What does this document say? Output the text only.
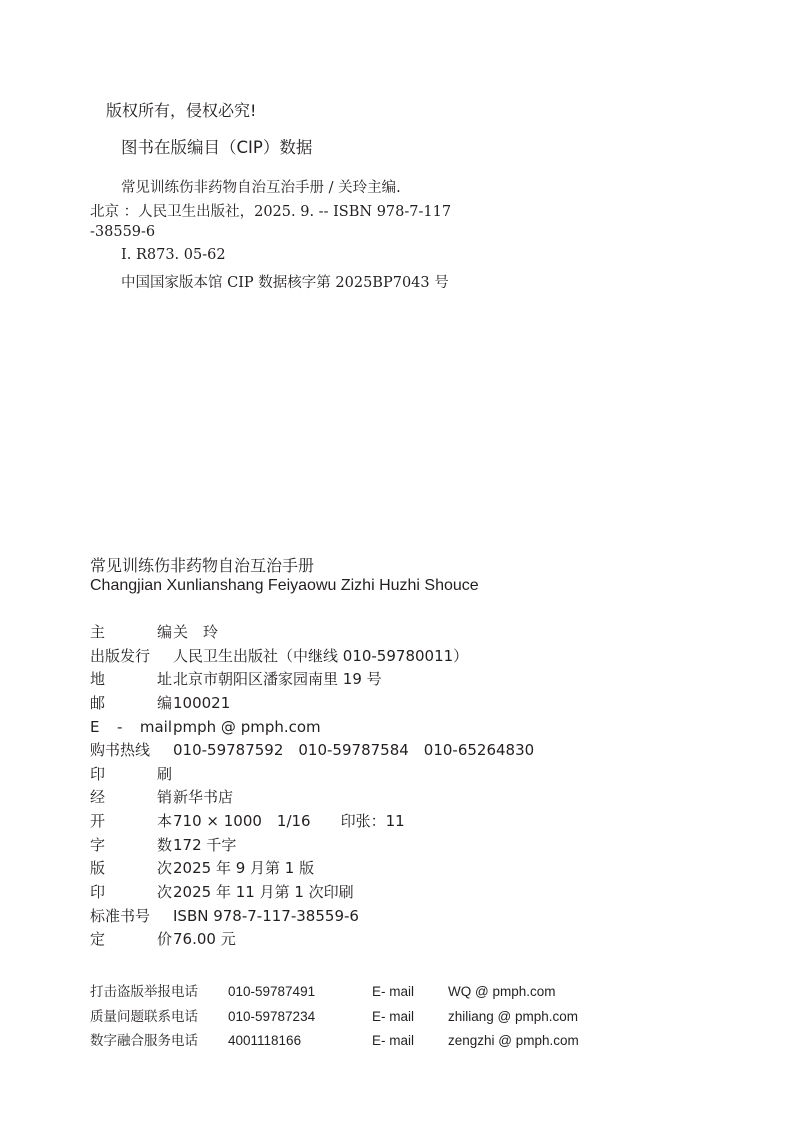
版权所有，侵权必究!
图书在版编目（CIP）数据
常见训练伤非药物自治互治手册 / 关玲主编.
北京 ：人民卫生出版社，2025. 9. -- ISBN 978-7-117
-38559-6
Ⅰ. R873. 05-62
中国国家版本馆 CIP 数据核字第 2025BP7043 号
常见训练伤非药物自治互治手册
Changjian Xunlianshang Feiyaowu Zizhi Huzhi Shouce
主	编 关　玲
出版发行 人民卫生出版社（中继线 010-59780011）
地	址 北京市朝阳区潘家园南里 19 号
邮	编 100021
E - mail pmph @ pmph.com
购书热线 010-59787592　010-59787584　010-65264830
印	刷
经	销 新华书店
开	本 710 × 1000　1/16　　印张：11
字	数 172 千字
版	次 2025 年 9 月第 1 版
印	次 2025 年 11 月第 1 次印刷
标准书号 ISBN 978-7-117-38559-6
定	价 76.00 元
打击盗版举报电话 010-59787491	E- mail	WQ @ pmph.com
质量问题联系电话 010-59787234	E- mail	zhiliang @ pmph.com
数字融合服务电话 4001118166	E- mail	zengzhi @ pmph.com
